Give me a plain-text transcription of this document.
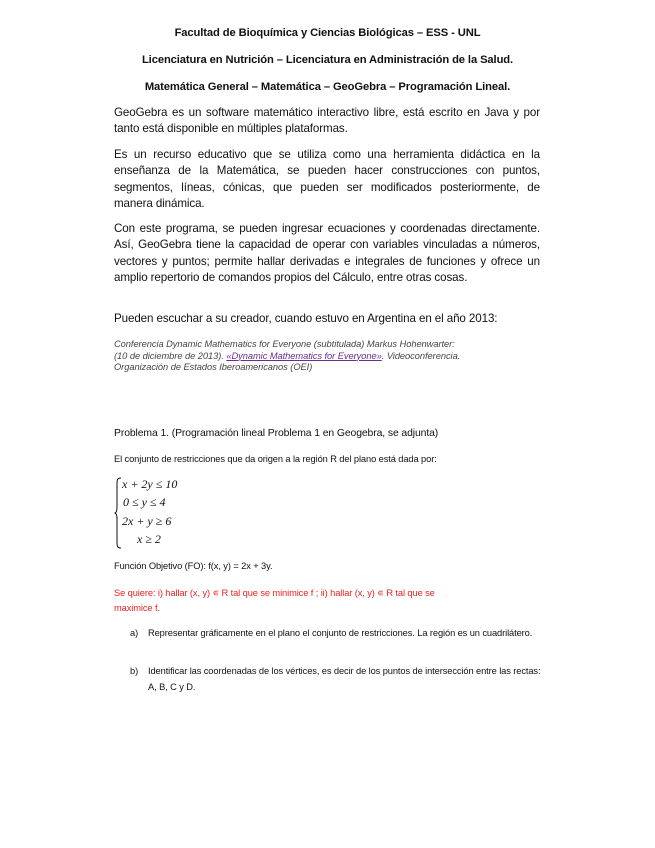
Facultad de Bioquímica y Ciencias Biológicas – ESS - UNL
Licenciatura en Nutrición – Licenciatura en Administración de la Salud.
Matemática General – Matemática – GeoGebra – Programación Lineal.
GeoGebra es un software matemático interactivo libre, está escrito en Java y por tanto está disponible en múltiples plataformas.
Es un recurso educativo que se utiliza como una herramienta didáctica en la enseñanza de la Matemática, se pueden hacer construcciones con puntos, segmentos, líneas, cónicas, que pueden ser modificados posteriormente, de manera dinámica.
Con este programa, se pueden ingresar ecuaciones y coordenadas directamente. Así, GeoGebra tiene la capacidad de operar con variables vinculadas a números, vectores y puntos; permite hallar derivadas e integrales de funciones y ofrece un amplio repertorio de comandos propios del Cálculo, entre otras cosas.
Pueden escuchar a su creador, cuando estuvo en Argentina en el año 2013:
Conferencia Dynamic Mathematics for Everyone (subtitulada) Markus Hohenwarter:
(10 de diciembre de 2013). «Dynamic Mathematics for Everyone». Videoconferencia.
Organización de Estados Iberoamericanos (OEI)
Problema 1. (Programación lineal Problema 1 en Geogebra, se adjunta)
El conjunto de restricciones que da origen a la región R del plano está dada por:
x + 2y ≤ 10
0 ≤ y ≤ 4
2x + y ≥ 6
x ≥ 2
Función Objetivo (FO): f(x, y) = 2x + 3y.
Se quiere: i) hallar (x, y) ∊ R tal que se minimice f ; ii) hallar (x, y) ∊ R tal que se
maximice f.
a) Representar gráficamente en el plano el conjunto de restricciones. La región es un cuadrilátero.
b) Identificar las coordenadas de los vértices, es decir de los puntos de intersección entre las rectas: A, B, C y D.
